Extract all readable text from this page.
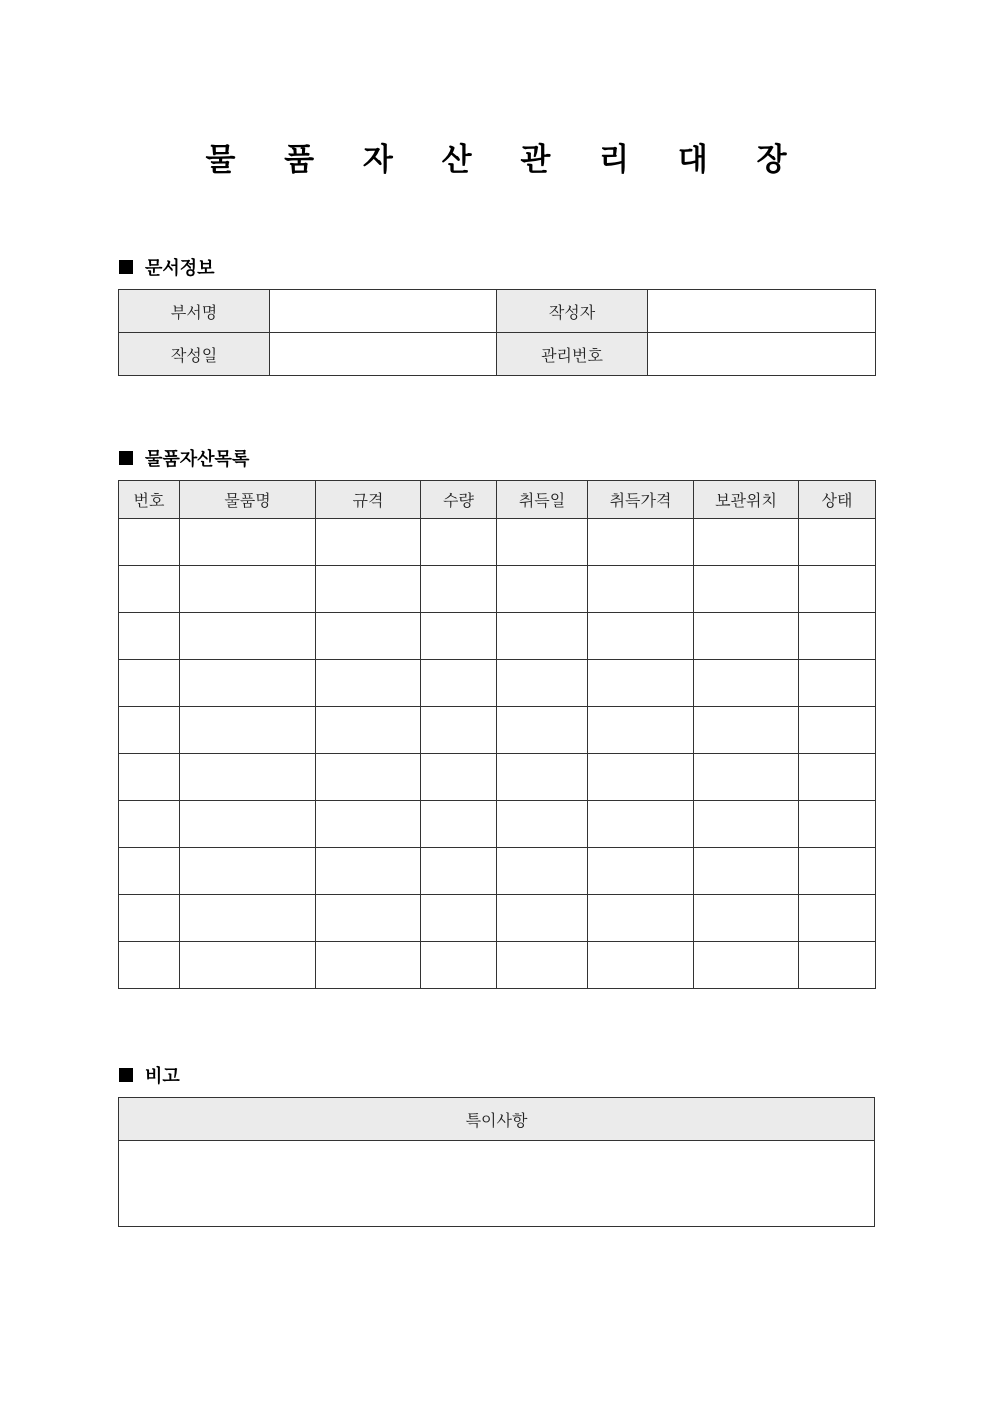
물 품 자 산 관 리 대 장
문서정보
부서명		작성자	
작성일		관리번호	
물품자산목록
번호	물품명	규격	수량	취득일	취득가격	보관위치	상태

비고
특이사항
